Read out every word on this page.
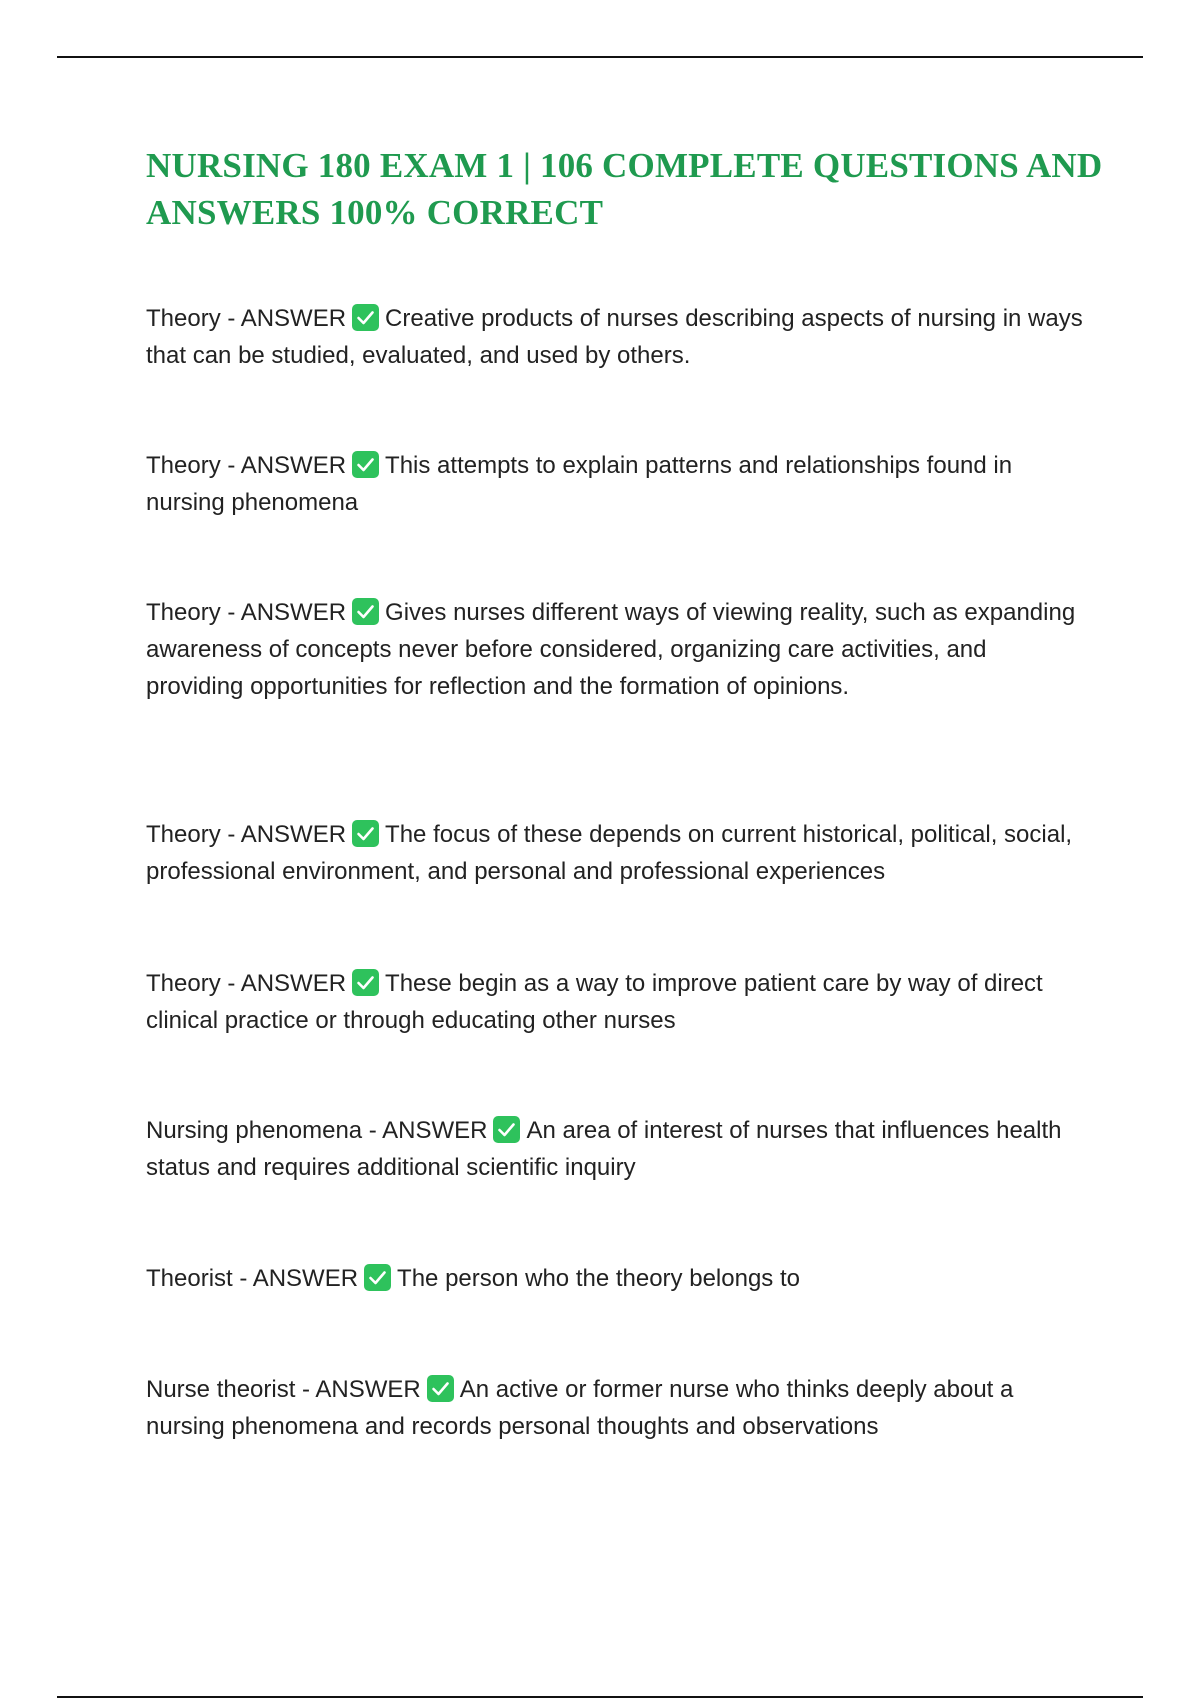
NURSING 180 EXAM 1 | 106 COMPLETE QUESTIONS AND ANSWERS 100% CORRECT

Theory - ANSWER Creative products of nurses describing aspects of nursing in ways that can be studied, evaluated, and used by others.

Theory - ANSWER This attempts to explain patterns and relationships found in nursing phenomena

Theory - ANSWER Gives nurses different ways of viewing reality, such as expanding awareness of concepts never before considered, organizing care activities, and providing opportunities for reflection and the formation of opinions.

Theory - ANSWER The focus of these depends on current historical, political, social, professional environment, and personal and professional experiences

Theory - ANSWER These begin as a way to improve patient care by way of direct clinical practice or through educating other nurses

Nursing phenomena - ANSWER An area of interest of nurses that influences health status and requires additional scientific inquiry

Theorist - ANSWER The person who the theory belongs to

Nurse theorist - ANSWER An active or former nurse who thinks deeply about a nursing phenomena and records personal thoughts and observations
